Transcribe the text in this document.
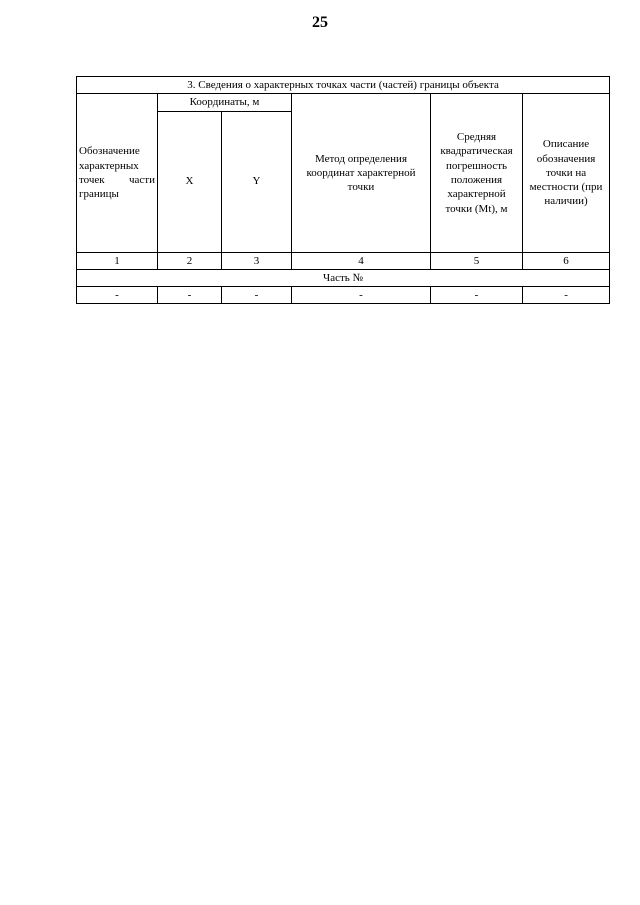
25
3. Сведения о характерных точках части (частей) границы объекта					

Обозначение
характерных
точек части
границы	Координаты, м		Метод определения координат характерной точки	Средняя квадратическая погрешность положения характерной точки (Mt), м	Описание обозначения точки на местности (при наличии)
	X	Y			
1	2	3	4	5	6
Часть №					
-	-	-	-	-	-
